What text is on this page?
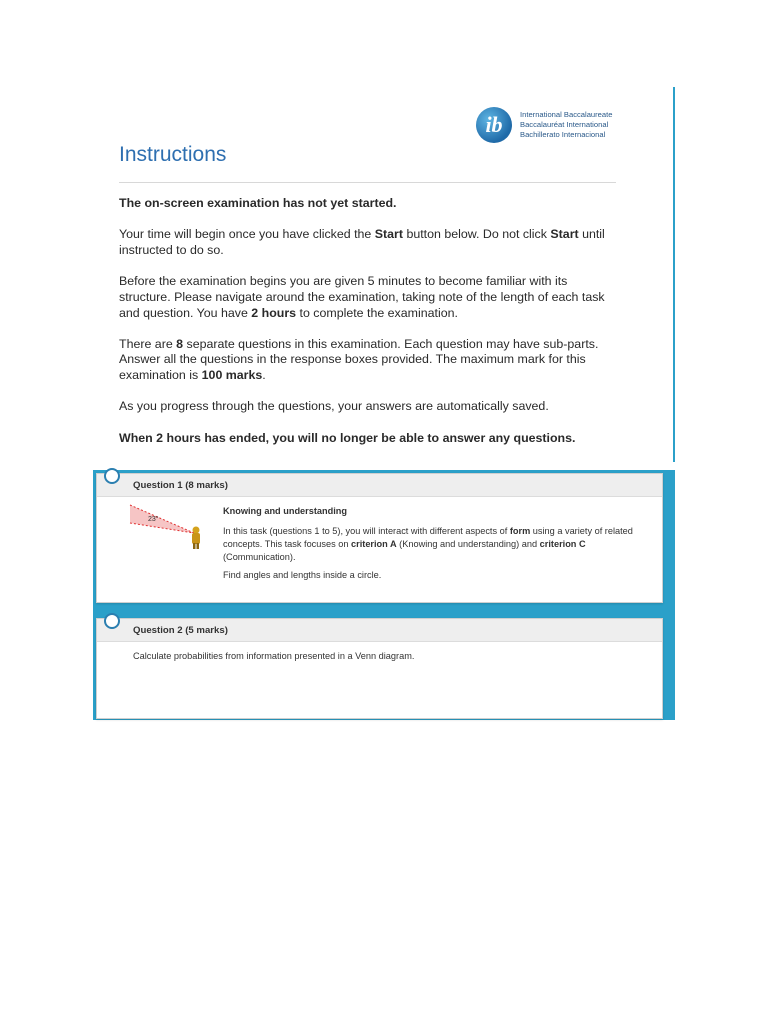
ib International Baccalaureate
Baccalauréat International
Bachillerato Internacional
Instructions

The on-screen examination has not yet started.

Your time will begin once you have clicked the Start button below. Do not click Start until instructed to do so.

Before the examination begins you are given 5 minutes to become familiar with its structure. Please navigate around the examination, taking note of the length of each task and question. You have 2 hours to complete the examination.

There are 8 separate questions in this examination. Each question may have sub-parts. Answer all the questions in the response boxes provided. The maximum mark for this examination is 100 marks.

As you progress through the questions, your answers are automatically saved.

When 2 hours has ended, you will no longer be able to answer any questions.

Question 1 (8 marks)
23°
Knowing and understanding

In this task (questions 1 to 5), you will interact with different aspects of form using a variety of related concepts. This task focuses on criterion A (Knowing and understanding) and criterion C (Communication).

Find angles and lengths inside a circle.

Question 2 (5 marks)
Calculate probabilities from information presented in a Venn diagram.
